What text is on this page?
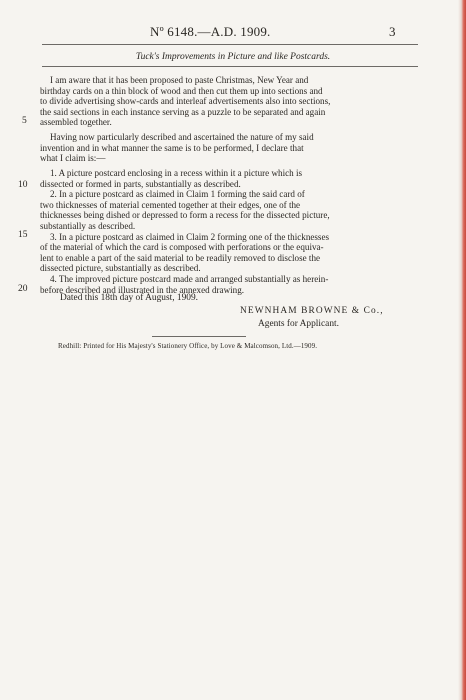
Nº 6148.—A.D. 1909.	3
Tuck's Improvements in Picture and like Postcards.
I am aware that it has been proposed to paste Christmas, New Year and
birthday cards on a thin block of wood and then cut them up into sections and
to divide advertising show-cards and interleaf advertisements also into sections,
the said sections in each instance serving as a puzzle to be separated and again
assembled together.
Having now particularly described and ascertained the nature of my said
invention and in what manner the same is to be performed, I declare that
what I claim is:—
1. A picture postcard enclosing in a recess within it a picture which is
dissected or formed in parts, substantially as described.
2. In a picture postcard as claimed in Claim 1 forming the said card of
two thicknesses of material cemented together at their edges, one of the
thicknesses being dished or depressed to form a recess for the dissected picture,
substantially as described.
3. In a picture postcard as claimed in Claim 2 forming one of the thicknesses
of the material of which the card is composed with perforations or the equiva-
lent to enable a part of the said material to be readily removed to disclose the
dissected picture, substantially as described.
4. The improved picture postcard made and arranged substantially as herein-
before described and illustrated in the annexed drawing.
5
10
15
20
Dated this 18th day of August, 1909.
NEWNHAM BROWNE & Co.,
Agents for Applicant.
Redhill: Printed for His Majesty's Stationery Office, by Love & Malcomson, Ltd.—1909.
